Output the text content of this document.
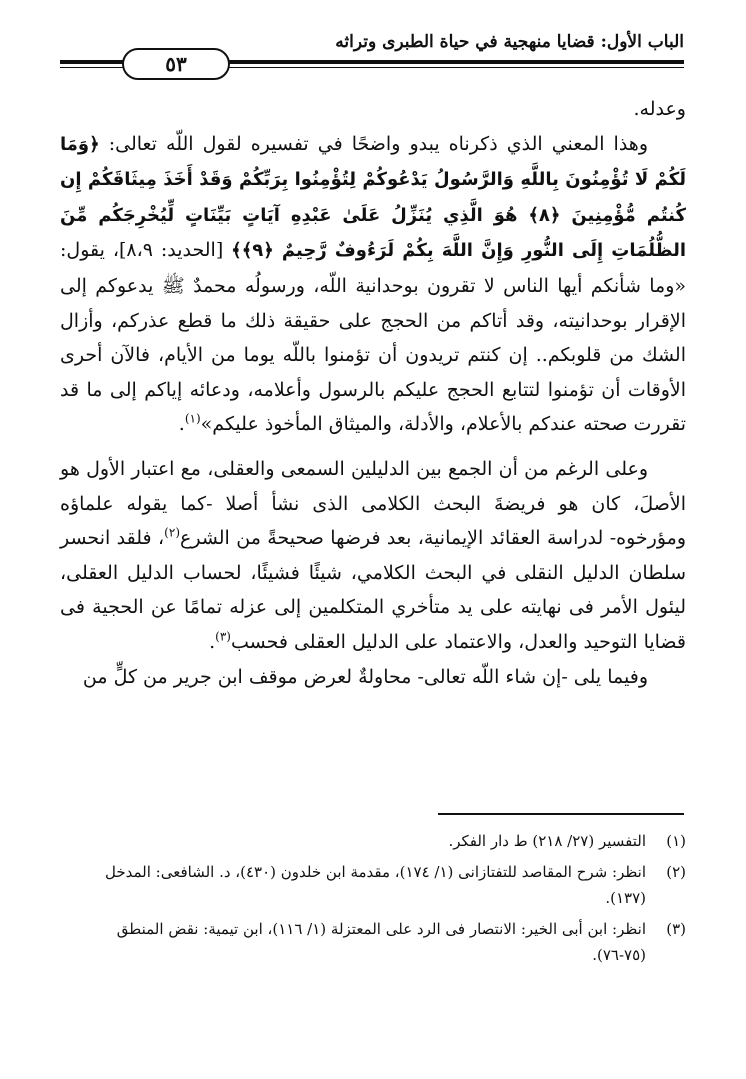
الباب الأول: قضايا منهجية في حياة الطبرى وتراثه
٥٣

وعدله.

وهذا المعني الذي ذكرناه يبدو واضحًا في تفسيره لقول اللّه تعالى: ﴿وَمَا لَكُمْ لَا تُؤْمِنُونَ بِاللَّهِ وَالرَّسُولُ يَدْعُوكُمْ لِتُؤْمِنُوا بِرَبِّكُمْ وَقَدْ أَخَذَ مِيثَاقَكُمْ إِن كُنتُم مُّؤْمِنِينَ ﴿٨﴾ هُوَ الَّذِي يُنَزِّلُ عَلَىٰ عَبْدِهِ آيَاتٍ بَيِّنَاتٍ لِّيُخْرِجَكُم مِّنَ الظُّلُمَاتِ إِلَى النُّورِ وَإِنَّ اللَّهَ بِكُمْ لَرَءُوفٌ رَّحِيمٌ ﴿٩﴾﴾ [الحديد: ٨،٩]، يقول: «وما شأنكم أيها الناس لا تقرون بوحدانية اللّه، ورسولُه محمدٌ ﷺ يدعوكم إلى الإقرار بوحدانيته، وقد أتاكم من الحجج على حقيقة ذلك ما قطع عذركم، وأزال الشك من قلوبكم.. إن كنتم تريدون أن تؤمنوا باللّه يوما من الأيام، فالآن أحرى الأوقات أن تؤمنوا لتتابع الحجج عليكم بالرسول وأعلامه، ودعائه إياكم إلى ما قد تقررت صحته عندكم بالأعلام، والأدلة، والميثاق المأخوذ عليكم»$^{(١)}$.

وعلى الرغم من أن الجمع بين الدليلين السمعى والعقلى، مع اعتبار الأول هو الأصلَ، كان هو فريضةَ البحث الكلامى الذى نشأ أصلا -كما يقوله علماؤه ومؤرخوه- لدراسة العقائد الإيمانية، بعد فرضها صحيحةً من الشرع$^{(٢)}$، فلقد انحسر سلطان الدليل النقلى في البحث الكلامي، شيئًا فشيئًا، لحساب الدليل العقلى، ليئول الأمر فى نهايته على يد متأخري المتكلمين إلى عزله تمامًا عن الحجية فى قضايا التوحيد والعدل، والاعتماد على الدليل العقلى فحسب$^{(٣)}$.

وفيما يلى -إن شاء اللّه تعالى- محاولةٌ لعرض موقف ابن جرير من كلٍّ من

(١)
التفسير (٢٧/ ٢١٨) ط دار الفكر.
(٢)
انظر: شرح المقاصد للتفتازانى (١/ ١٧٤)، مقدمة ابن خلدون (٤٣٠)، د. الشافعى: المدخل (١٣٧).
(٣)
انظر: ابن أبى الخير: الانتصار فى الرد على المعتزلة (١/ ١١٦)، ابن تيمية: نقض المنطق (٧٥-٧٦).
